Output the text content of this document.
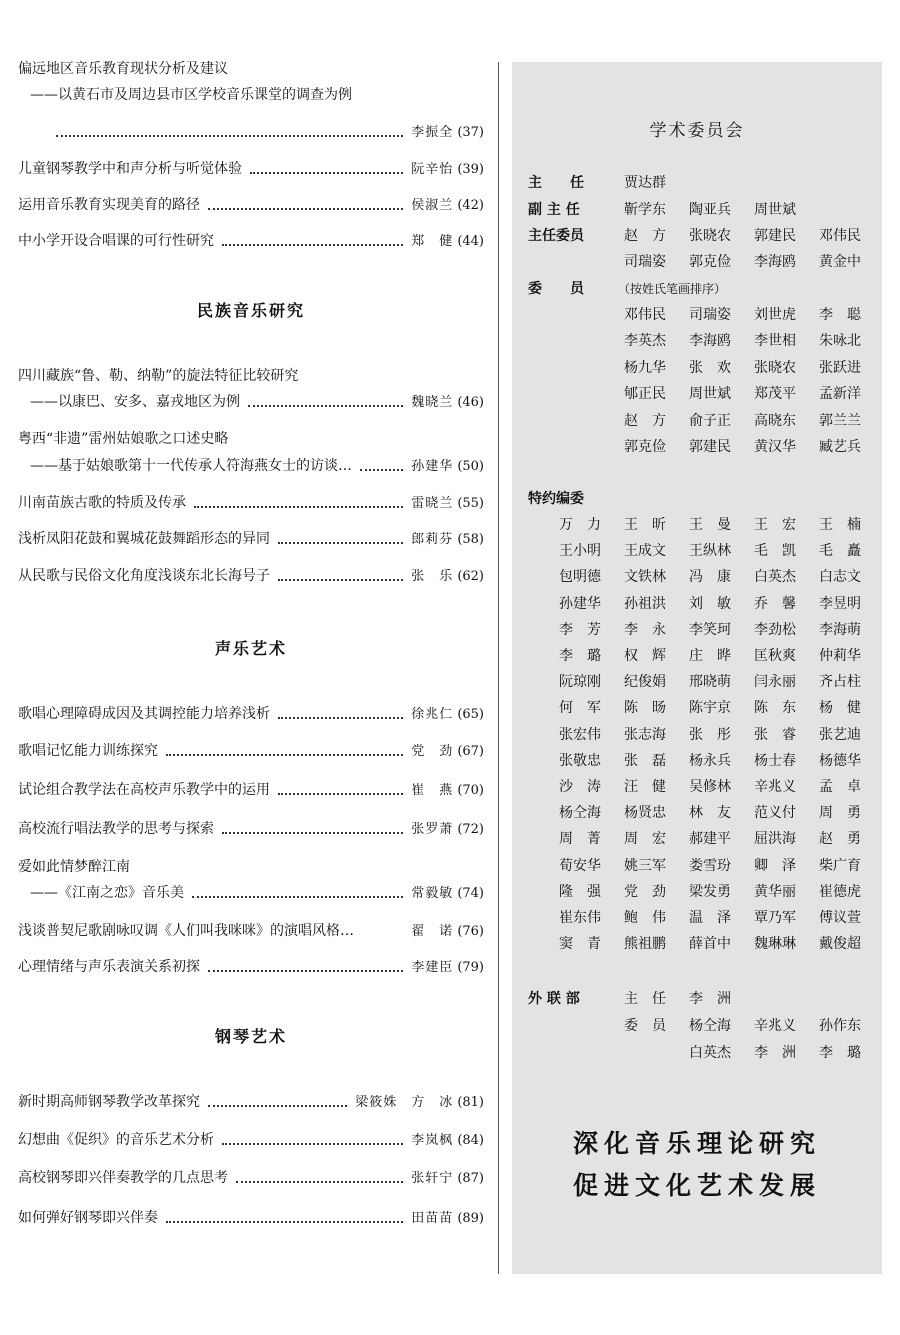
偏远地区音乐教育现状分析及建议
——以黄石市及周边县市区学校音乐课堂的调查为例
李振全 (37)
儿童钢琴教学中和声分析与听觉体验	阮辛怡 (39)
运用音乐教育实现美育的路径	侯淑兰 (42)
中小学开设合唱课的可行性研究	郑　健 (44)
民族音乐研究
四川藏族“鲁、勒、纳勒”的旋法特征比较研究
——以康巴、安多、嘉戎地区为例	魏晓兰 (46)
粤西“非遗”雷州姑娘歌之口述史略
——基于姑娘歌第十一代传承人符海燕女士的访谈…	孙建华 (50)
川南苗族古歌的特质及传承	雷晓兰 (55)
浅析凤阳花鼓和翼城花鼓舞蹈形态的异同	郎莉芬 (58)
从民歌与民俗文化角度浅谈东北长海号子	张　乐 (62)
声乐艺术
歌唱心理障碍成因及其调控能力培养浅析	徐兆仁 (65)
歌唱记忆能力训练探究	党　劲 (67)
试论组合教学法在高校声乐教学中的运用	崔　燕 (70)
高校流行唱法教学的思考与探索	张罗萧 (72)
爱如此情梦醉江南
——《江南之恋》音乐美	常毅敏 (74)
浅谈普契尼歌剧咏叹调《人们叫我咪咪》的演唱风格…	翟　诺 (76)
心理情绪与声乐表演关系初探	李建臣 (79)
钢琴艺术
新时期高师钢琴教学改革探究	梁筱姝　方　冰 (81)
幻想曲《促织》的音乐艺术分析	李岚枫 (84)
高校钢琴即兴伴奏教学的几点思考	张轩宁 (87)
如何弹好钢琴即兴伴奏	田苗苗 (89)
学术委员会
主　　任	贾达群
副 主 任	靳学东 陶亚兵 周世斌
主任委员	赵　方 张晓农 郭建民 邓伟民
司瑞姿 郭克俭 李海鸥 黄金中
委　　员	（按姓氏笔画排序）
邓伟民 司瑞姿 刘世虎 李　聪
李英杰 李海鸥 李世相 朱咏北
杨九华 张　欢 张晓农 张跃进
郇正民 周世斌 郑茂平 孟新洋
赵　方 俞子正 高晓东 郭兰兰
郭克俭 郭建民 黄汉华 臧艺兵
特约编委
万　力 王　昕 王　曼 王　宏 王　楠
王小明 王成文 王纵林 毛　凯 毛　矗
包明德 文铁林 冯　康 白英杰 白志文
孙建华 孙祖洪 刘　敏 乔　馨 李昱明
李　芳 李　永 李笑珂 李劲松 李海萌
李　璐 权　辉 庄　晔 匡秋爽 仲莉华
阮琼刚 纪俊娟 邢晓萌 闫永丽 齐占柱
何　军 陈　旸 陈宇京 陈　东 杨　健
张宏伟 张志海 张　彤 张　睿 张艺迪
张敬忠 张　磊 杨永兵 杨士春 杨德华
沙　涛 汪　健 吴修林 辛兆义 孟　卓
杨仝海 杨贤忠 林　友 范义付 周　勇
周　菁 周　宏 郝建平 屈洪海 赵　勇
荀安华 姚三军 娄雪玢 卿　泽 柴广育
隆　强 党　劲 梁发勇 黄华丽 崔德虎
崔东伟 鲍　伟 温　泽 覃乃军 傅议萱
窦　青 熊祖鹏 薛首中 魏琳琳 戴俊超
外 联 部	主　任 李　洲
委　员 杨仝海 辛兆义 孙作东
白英杰 李　洲 李　璐
深化音乐理论研究
促进文化艺术发展
